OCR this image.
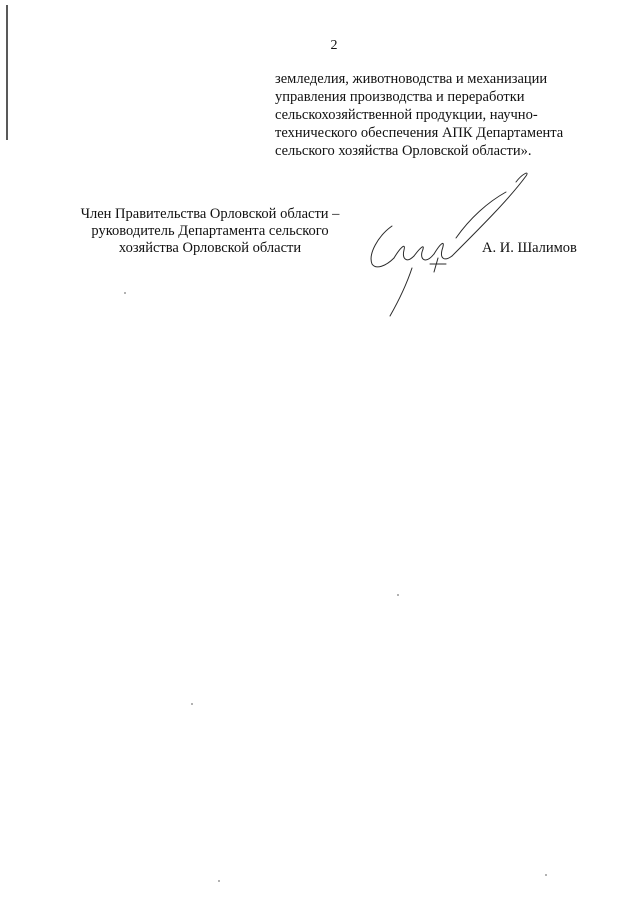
2
земледелия, животноводства и механизации
управления производства и переработки
сельскохозяйственной продукции, научно-
технического обеспечения АПК Департамента
сельского хозяйства Орловской области».
Член Правительства Орловской области –
руководитель Департамента сельского
хозяйства Орловской области	А. И. Шалимов
